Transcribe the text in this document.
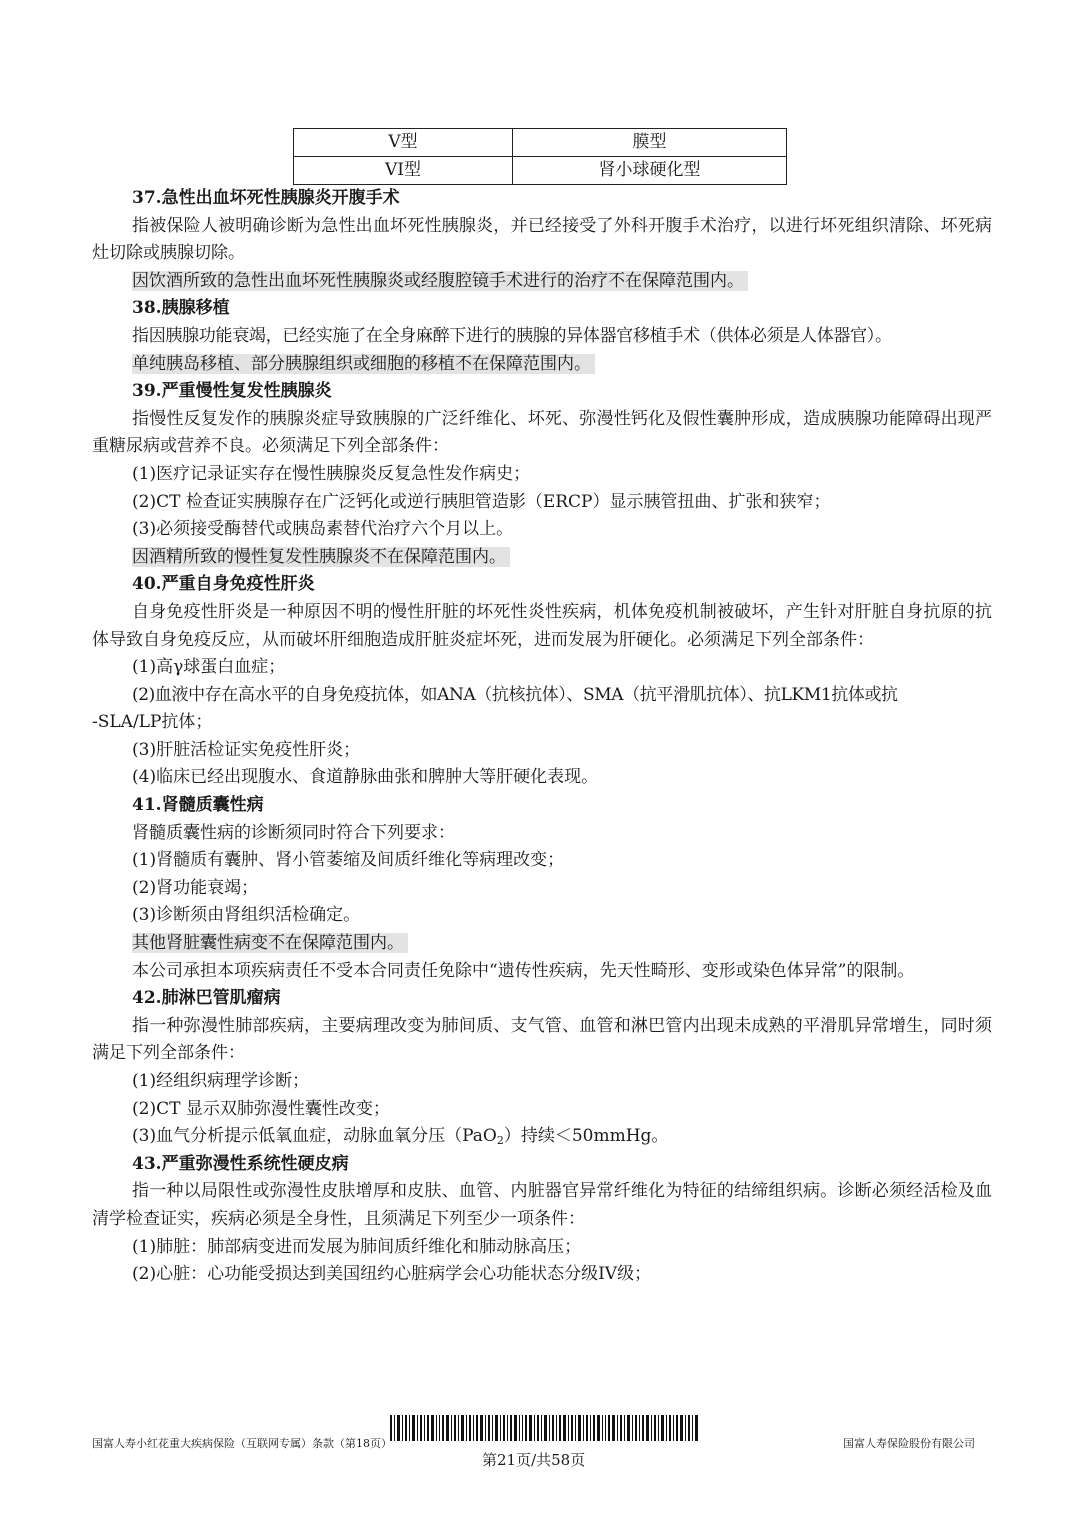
V型	膜型
VI型	肾小球硬化型
37.急性出血坏死性胰腺炎开腹手术
指被保险人被明确诊断为急性出血坏死性胰腺炎，并已经接受了外科开腹手术治疗，以进行坏死组织清除、坏死病灶切除或胰腺切除。
因饮酒所致的急性出血坏死性胰腺炎或经腹腔镜手术进行的治疗不在保障范围内。
38.胰腺移植
指因胰腺功能衰竭，已经实施了在全身麻醉下进行的胰腺的异体器官移植手术（供体必须是人体器官）。
单纯胰岛移植、部分胰腺组织或细胞的移植不在保障范围内。
39.严重慢性复发性胰腺炎
指慢性反复发作的胰腺炎症导致胰腺的广泛纤维化、坏死、弥漫性钙化及假性囊肿形成，造成胰腺功能障碍出现严重糖尿病或营养不良。必须满足下列全部条件：
(1)医疗记录证实存在慢性胰腺炎反复急性发作病史；
(2)CT 检查证实胰腺存在广泛钙化或逆行胰胆管造影（ERCP）显示胰管扭曲、扩张和狭窄；
(3)必须接受酶替代或胰岛素替代治疗六个月以上。
因酒精所致的慢性复发性胰腺炎不在保障范围内。
40.严重自身免疫性肝炎
自身免疫性肝炎是一种原因不明的慢性肝脏的坏死性炎性疾病，机体免疫机制被破坏，产生针对肝脏自身抗原的抗体导致自身免疫反应，从而破坏肝细胞造成肝脏炎症坏死，进而发展为肝硬化。必须满足下列全部条件：
(1)高γ球蛋白血症；
(2)血液中存在高水平的自身免疫抗体，如ANA（抗核抗体）、SMA（抗平滑肌抗体）、抗LKM1抗体或抗
-SLA/LP抗体；
(3)肝脏活检证实免疫性肝炎；
(4)临床已经出现腹水、食道静脉曲张和脾肿大等肝硬化表现。
41.肾髓质囊性病
肾髓质囊性病的诊断须同时符合下列要求：
(1)肾髓质有囊肿、肾小管萎缩及间质纤维化等病理改变；
(2)肾功能衰竭；
(3)诊断须由肾组织活检确定。
其他肾脏囊性病变不在保障范围内。
本公司承担本项疾病责任不受本合同责任免除中“遗传性疾病，先天性畸形、变形或染色体异常”的限制。
42.肺淋巴管肌瘤病
指一种弥漫性肺部疾病，主要病理改变为肺间质、支气管、血管和淋巴管内出现未成熟的平滑肌异常增生，同时须满足下列全部条件：
(1)经组织病理学诊断；
(2)CT 显示双肺弥漫性囊性改变；
(3)血气分析提示低氧血症，动脉血氧分压（PaO$_2$）持续＜50mmHg。
43.严重弥漫性系统性硬皮病
指一种以局限性或弥漫性皮肤增厚和皮肤、血管、内脏器官异常纤维化为特征的结缔组织病。诊断必须经活检及血清学检查证实，疾病必须是全身性，且须满足下列至少一项条件：
(1)肺脏：肺部病变进而发展为肺间质纤维化和肺动脉高压；
(2)心脏：心功能受损达到美国纽约心脏病学会心功能状态分级IV级；
国富人寿小红花重大疾病保险（互联网专属）条款（第18页）
第21页/共58页
国富人寿保险股份有限公司
